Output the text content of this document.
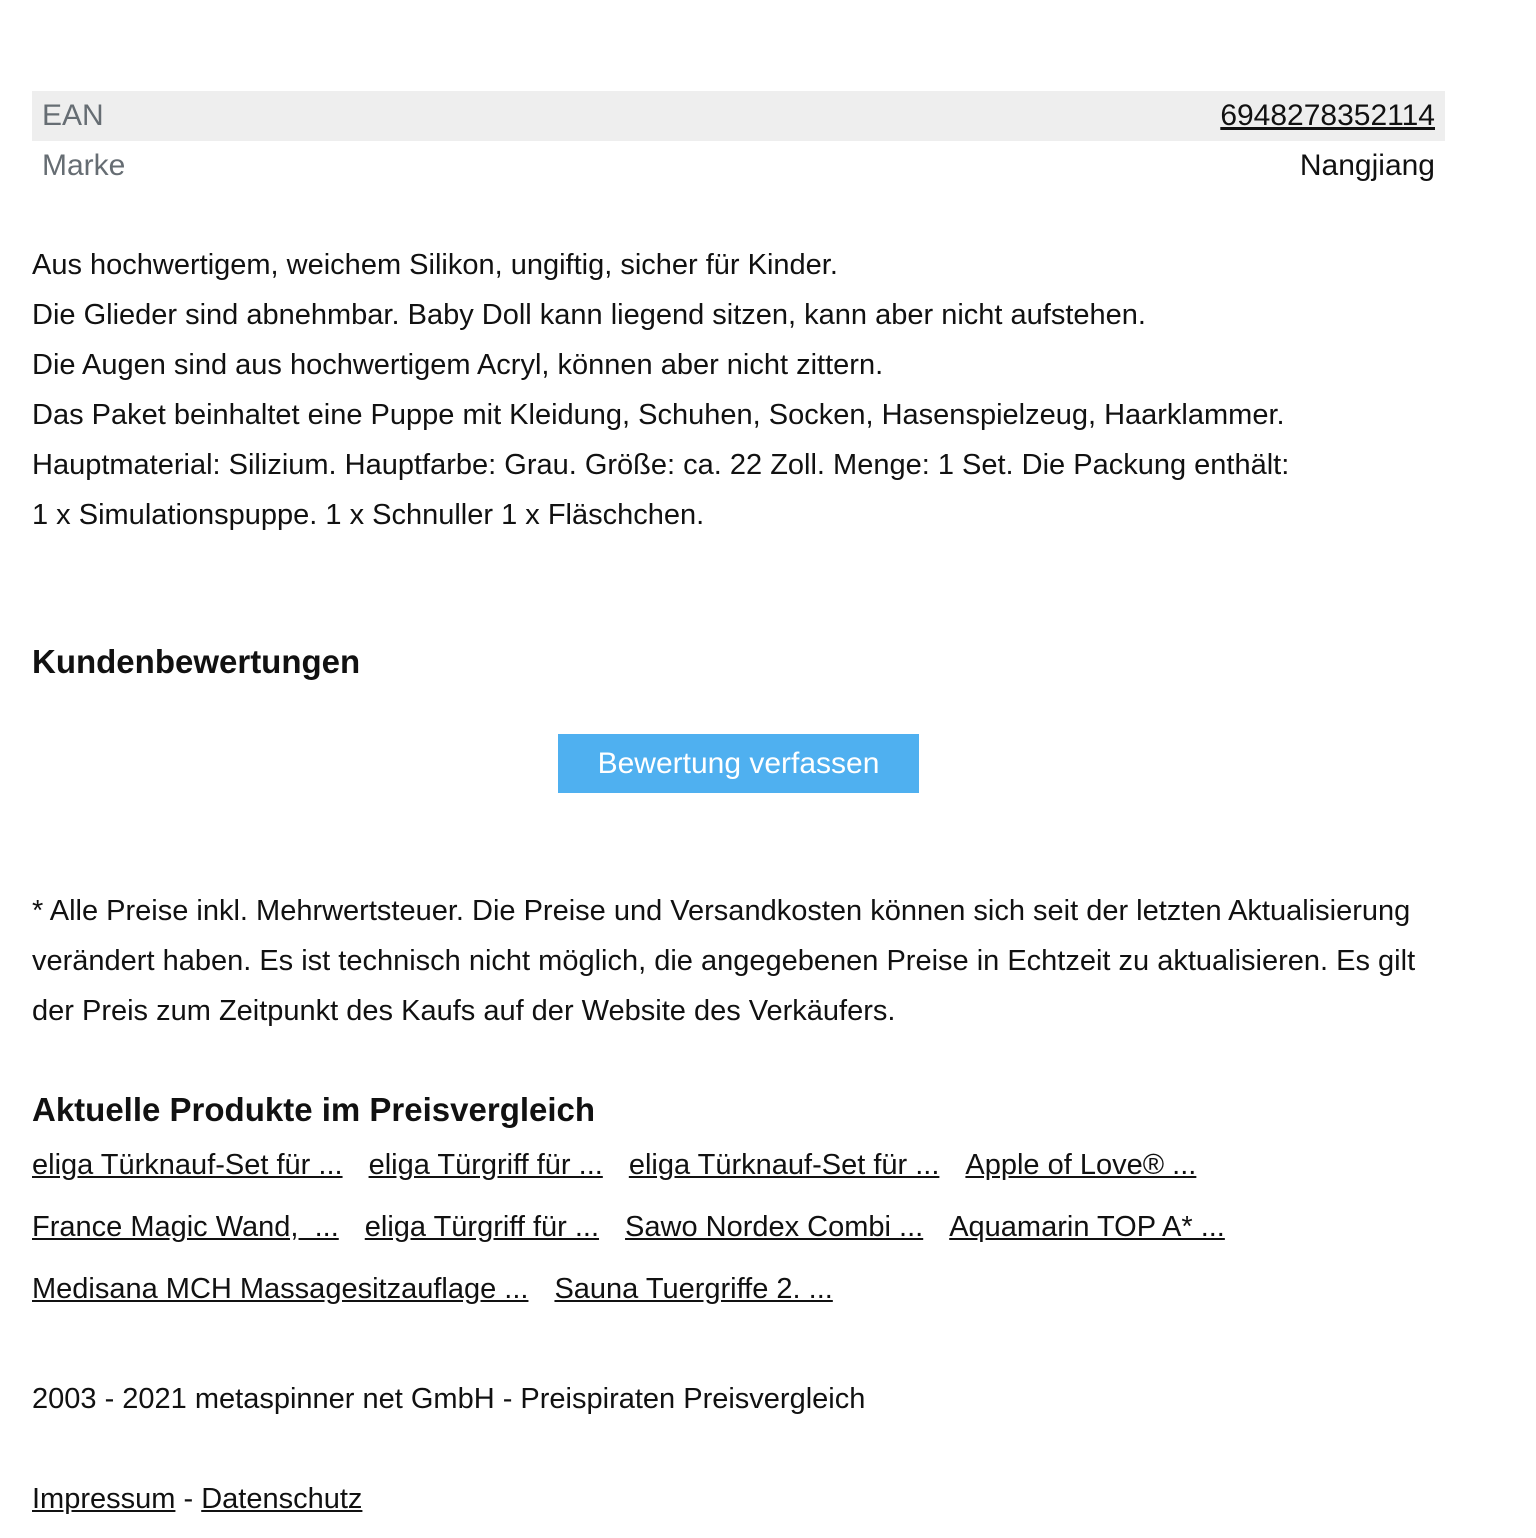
EAN	6948278352114
Marke	Nangjiang

Aus hochwertigem, weichem Silikon, ungiftig, sicher für Kinder.

Die Glieder sind abnehmbar. Baby Doll kann liegend sitzen, kann aber nicht aufstehen.

Die Augen sind aus hochwertigem Acryl, können aber nicht zittern.

Das Paket beinhaltet eine Puppe mit Kleidung, Schuhen, Socken, Hasenspielzeug, Haarklammer.

Hauptmaterial: Silizium. Hauptfarbe: Grau. Größe: ca. 22 Zoll. Menge: 1 Set. Die Packung enthält:

1 x Simulationspuppe. 1 x Schnuller 1 x Fläschchen.

Kundenbewertungen
Bewertung verfassen

* Alle Preise inkl. Mehrwertsteuer. Die Preise und Versandkosten können sich seit der letzten Aktualisierung verändert haben. Es ist technisch nicht möglich, die angegebenen Preise in Echtzeit zu aktualisieren. Es gilt der Preis zum Zeitpunkt des Kaufs auf der Website des Verkäufers.

Aktuelle Produkte im Preisvergleich
eliga Türknauf-Set für ... eliga Türgriff für ... eliga Türknauf-Set für ... Apple of Love® ...
France Magic Wand,  ... eliga Türgriff für ... Sawo Nordex Combi ... Aquamarin TOP A* ...
Medisana MCH Massagesitzauflage ... Sauna Tuergriffe 2. ...

2003 - 2021 metaspinner net GmbH - Preispiraten Preisvergleich

Impressum - Datenschutz
